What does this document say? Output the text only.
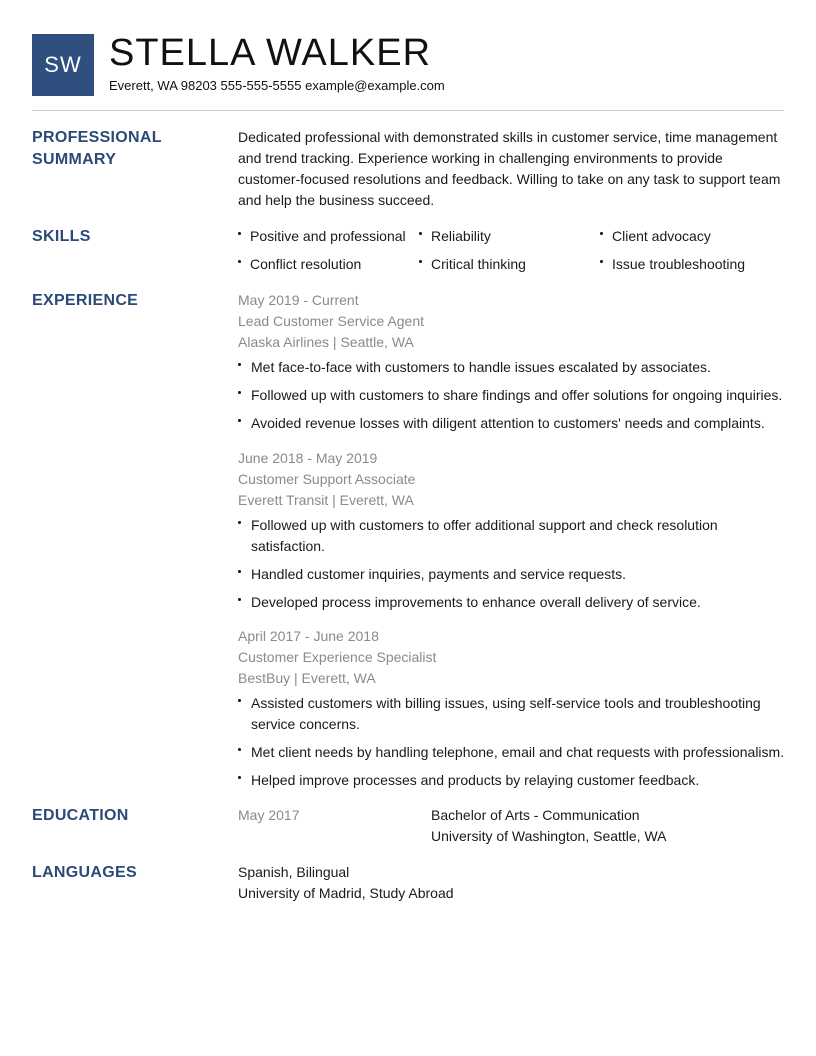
SW STELLA WALKER
Everett, WA 98203 555-555-5555 example@example.com
PROFESSIONAL
SUMMARY
Dedicated professional with demonstrated skills in customer service, time management and trend tracking. Experience working in challenging environments to provide customer-focused resolutions and feedback. Willing to take on any task to support team and help the business succeed.
SKILLS	Positive and professional	Reliability	Client advocacy
Conflict resolution	Critical thinking	Issue troubleshooting
EXPERIENCE	May 2019 - Current
Lead Customer Service Agent
Alaska Airlines | Seattle, WA
Met face-to-face with customers to handle issues escalated by associates.
Followed up with customers to share findings and offer solutions for ongoing inquiries.
Avoided revenue losses with diligent attention to customers' needs and complaints.
June 2018 - May 2019
Customer Support Associate
Everett Transit | Everett, WA
Followed up with customers to offer additional support and check resolution satisfaction.
Handled customer inquiries, payments and service requests.
Developed process improvements to enhance overall delivery of service.
April 2017 - June 2018
Customer Experience Specialist
BestBuy | Everett, WA
Assisted customers with billing issues, using self-service tools and troubleshooting service concerns.
Met client needs by handling telephone, email and chat requests with professionalism.
Helped improve processes and products by relaying customer feedback.
EDUCATION	May 2017	Bachelor of Arts - Communication
University of Washington, Seattle, WA
LANGUAGES	Spanish, Bilingual
University of Madrid, Study Abroad
